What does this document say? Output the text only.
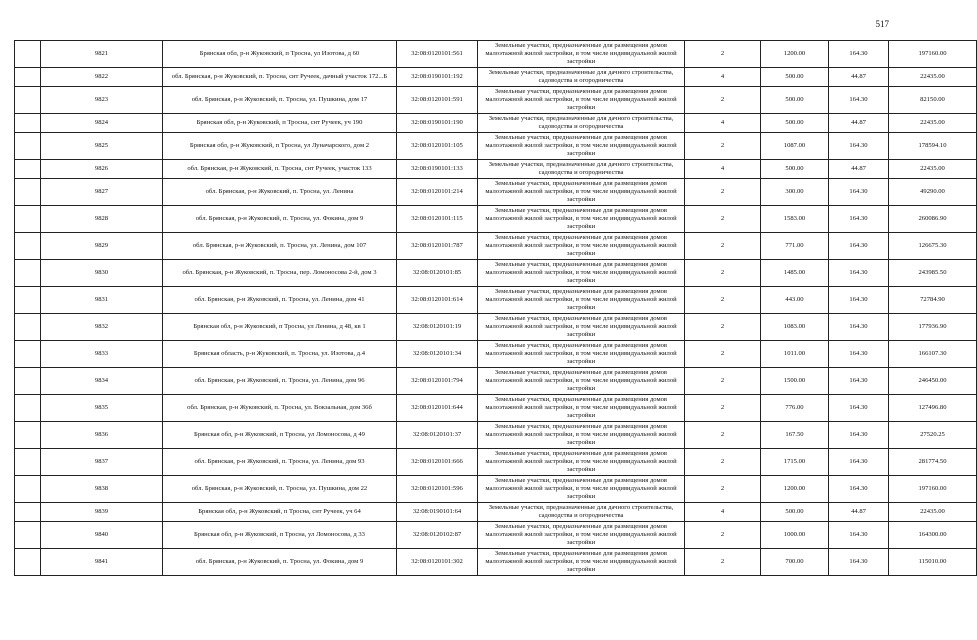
517
	9821	Брянская обл, р-н Жуковский, п Тросна, ул Изотова, д 60	32:08:0120101:561	Земельные участки, предназначенные для размещения домов малоэтажной жилой застройки, в том числе индивидуальной жилой застройки	2	1200.00	164.30	197160.00
	9822	обл. Брянская, р-н Жуковский, п. Тросна, снт Ручеек, дачный участок 172...Б	32:08:0190101:192	Земельные участки, предназначенные для дачного строительства, садоводства и огородничества	4	500.00	44.87	22435.00
	9823	обл. Брянская, р-н Жуковский, п. Тросна, ул. Пушкина, дом 17	32:08:0120101:591	Земельные участки, предназначенные для размещения домов малоэтажной жилой застройки, в том числе индивидуальной жилой застройки	2	500.00	164.30	82150.00
	9824	Брянская обл, р-н Жуковский, п Тросна, снт Ручеек, уч 190	32:08:0190101:190	Земельные участки, предназначенные для дачного строительства, садоводства и огородничества	4	500.00	44.87	22435.00
	9825	Брянская обл, р-н Жуковский, п Тросна, ул Луначарского, дом 2	32:08:0120101:105	Земельные участки, предназначенные для размещения домов малоэтажной жилой застройки, в том числе индивидуальной жилой застройки	2	1087.00	164.30	178594.10
	9826	обл. Брянская, р-н Жуковский, п. Тросна, снт Ручеек, участок 133	32:08:0190101:133	Земельные участки, предназначенные для дачного строительства, садоводства и огородничества	4	500.00	44.87	22435.00
	9827	обл. Брянская, р-н Жуковский, п. Тросна, ул. Ленина	32:08:0120101:214	Земельные участки, предназначенные для размещения домов малоэтажной жилой застройки, в том числе индивидуальной жилой застройки	2	300.00	164.30	49290.00
	9828	обл. Брянская, р-н Жуковский, п. Тросна, ул. Фокина, дом 9	32:08:0120101:115	Земельные участки, предназначенные для размещения домов малоэтажной жилой застройки, в том числе индивидуальной жилой застройки	2	1583.00	164.30	260086.90
	9829	обл. Брянская, р-н Жуковский, п. Тросна, ул. Ленина, дом 107	32:08:0120101:787	Земельные участки, предназначенные для размещения домов малоэтажной жилой застройки, в том числе индивидуальной жилой застройки	2	771.00	164.30	126675.30
	9830	обл. Брянская, р-н Жуковский, п. Тросна, пер. Ломоносова 2-й, дом 3	32:08:0120101:85	Земельные участки, предназначенные для размещения домов малоэтажной жилой застройки, в том числе индивидуальной жилой застройки	2	1485.00	164.30	243985.50
	9831	обл. Брянская, р-н Жуковский, п. Тросна, ул. Ленина, дом 41	32:08:0120101:614	Земельные участки, предназначенные для размещения домов малоэтажной жилой застройки, в том числе индивидуальной жилой застройки	2	443.00	164.30	72784.90
	9832	Брянская обл, р-н Жуковский, п Тросна, ул Ленина, д 48, кв 1	32:08:0120101:19	Земельные участки, предназначенные для размещения домов малоэтажной жилой застройки, в том числе индивидуальной жилой застройки	2	1083.00	164.30	177936.90
	9833	Брянская область, р-н Жуковский, п. Тросна, ул. Изотова, д.4	32:08:0120101:34	Земельные участки, предназначенные для размещения домов малоэтажной жилой застройки, в том числе индивидуальной жилой застройки	2	1011.00	164.30	166107.30
	9834	обл. Брянская, р-н Жуковский, п. Тросна, ул. Ленина, дом 96	32:08:0120101:794	Земельные участки, предназначенные для размещения домов малоэтажной жилой застройки, в том числе индивидуальной жилой застройки	2	1500.00	164.30	246450.00
	9835	обл. Брянская, р-н Жуковский, п. Тросна, ул. Вокзальная, дом 36б	32:08:0120101:644	Земельные участки, предназначенные для размещения домов малоэтажной жилой застройки, в том числе индивидуальной жилой застройки	2	776.00	164.30	127496.80
	9836	Брянская обл, р-н Жуковский, п Тросна, ул Ломоносова, д 49	32:08:0120101:37	Земельные участки, предназначенные для размещения домов малоэтажной жилой застройки, в том числе индивидуальной жилой застройки	2	167.50	164.30	27520.25
	9837	обл. Брянская, р-н Жуковский, п. Тросна, ул. Ленина, дом 93	32:08:0120101:666	Земельные участки, предназначенные для размещения домов малоэтажной жилой застройки, в том числе индивидуальной жилой застройки	2	1715.00	164.30	281774.50
	9838	обл. Брянская, р-н Жуковский, п. Тросна, ул. Пушкина, дом 22	32:08:0120101:596	Земельные участки, предназначенные для размещения домов малоэтажной жилой застройки, в том числе индивидуальной жилой застройки	2	1200.00	164.30	197160.00
	9839	Брянская обл, р-н Жуковский, п Тросна, снт Ручеек, уч 64	32:08:0190101:64	Земельные участки, предназначенные для дачного строительства, садоводства и огородничества	4	500.00	44.87	22435.00
	9840	Брянская обл, р-н Жуковский, п Тросна, ул Ломоносова, д 33	32:08:0120102:87	Земельные участки, предназначенные для размещения домов малоэтажной жилой застройки, в том числе индивидуальной жилой застройки	2	1000.00	164.30	164300.00
	9841	обл. Брянская, р-н Жуковский, п. Тросна, ул. Фокина, дом 9	32:08:0120101:302	Земельные участки, предназначенные для размещения домов малоэтажной жилой застройки, в том числе индивидуальной жилой застройки	2	700.00	164.30	115010.00
